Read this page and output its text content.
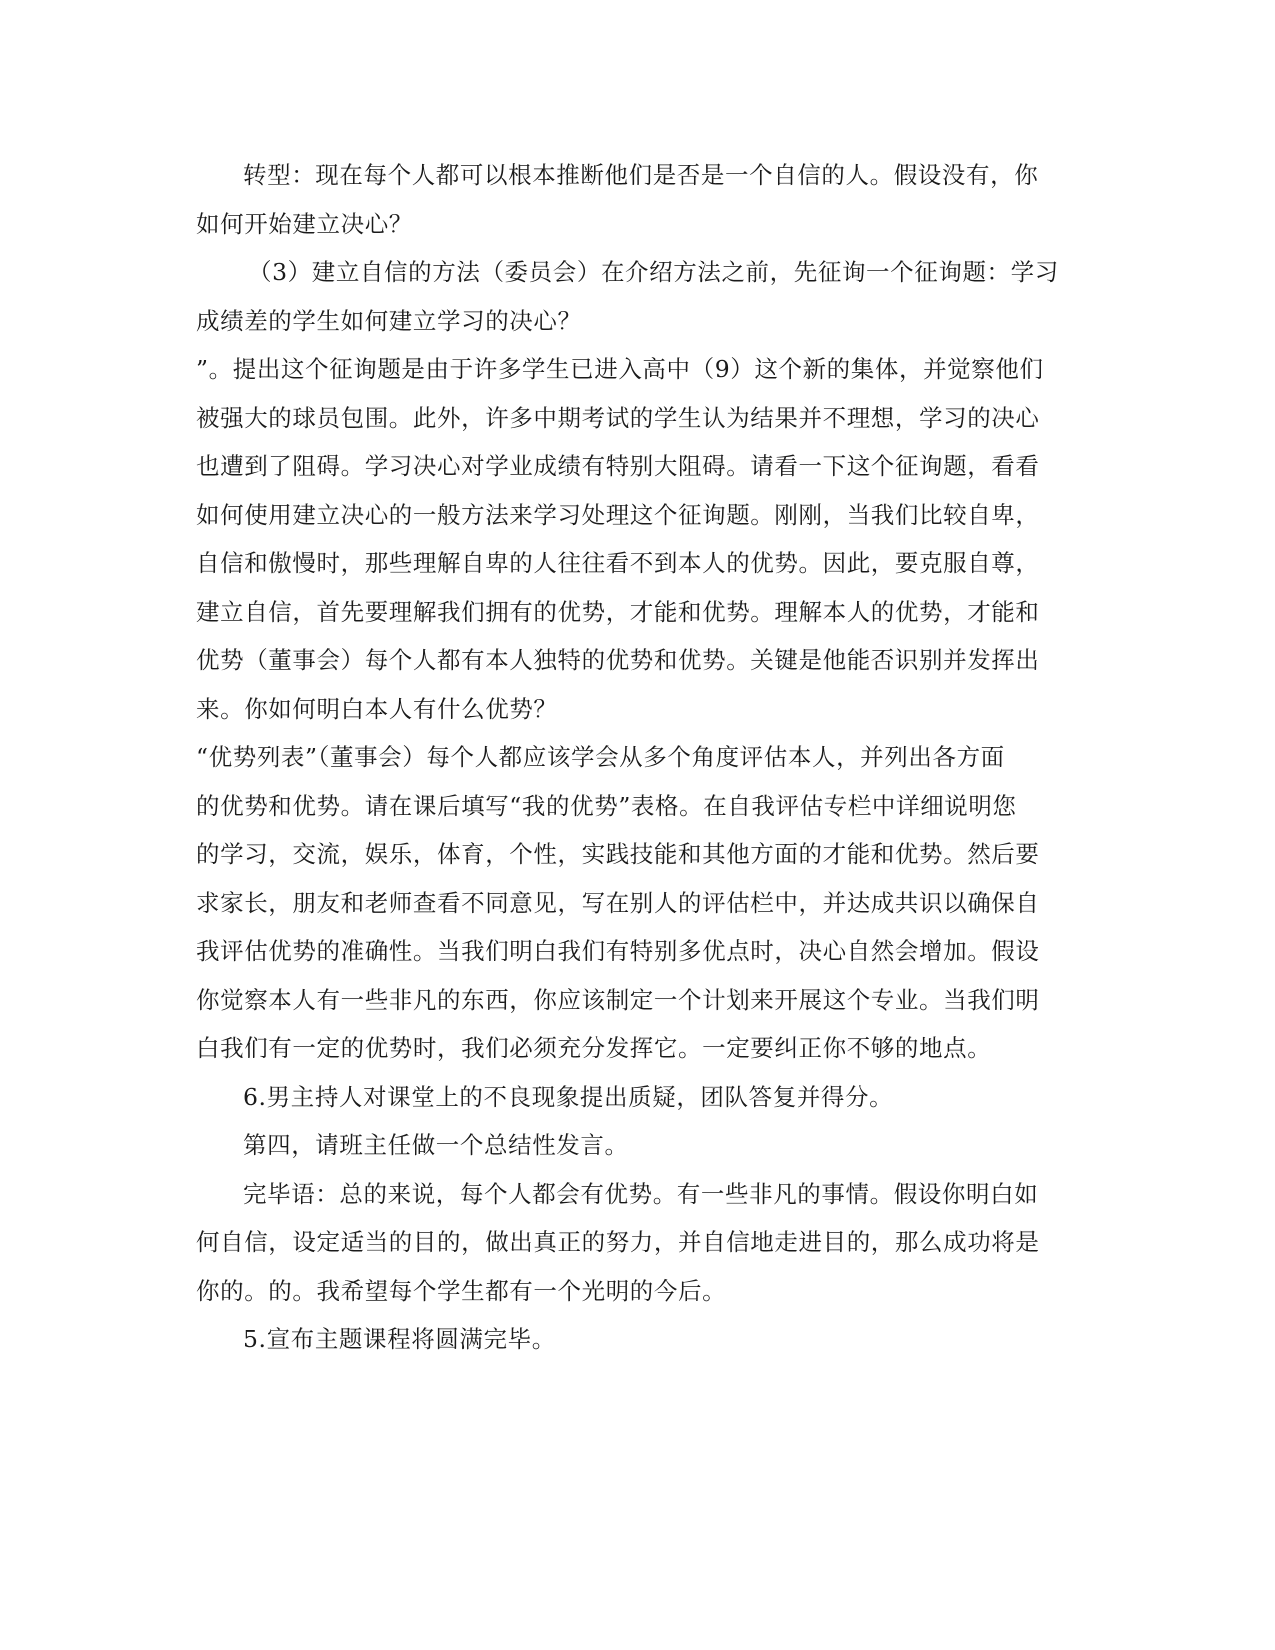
转型：现在每个人都可以根本推断他们是否是一个自信的人。假设没有，你
如何开始建立决心？

（3）建立自信的方法（委员会）在介绍方法之前，先征询一个征询题：学习
成绩差的学生如何建立学习的决心？

”。提出这个征询题是由于许多学生已进入高中（9）这个新的集体，并觉察他们
被强大的球员包围。此外，许多中期考试的学生认为结果并不理想，学习的决心
也遭到了阻碍。学习决心对学业成绩有特别大阻碍。请看一下这个征询题，看看
如何使用建立决心的一般方法来学习处理这个征询题。刚刚，当我们比较自卑，
自信和傲慢时，那些理解自卑的人往往看不到本人的优势。因此，要克服自尊，
建立自信，首先要理解我们拥有的优势，才能和优势。理解本人的优势，才能和
优势（董事会）每个人都有本人独特的优势和优势。关键是他能否识别并发挥出
来。你如何明白本人有什么优势？

“优势列表”（董事会）每个人都应该学会从多个角度评估本人，并列出各方面
的优势和优势。请在课后填写“我的优势”表格。在自我评估专栏中详细说明您
的学习，交流，娱乐，体育，个性，实践技能和其他方面的才能和优势。然后要
求家长，朋友和老师查看不同意见，写在别人的评估栏中，并达成共识以确保自
我评估优势的准确性。当我们明白我们有特别多优点时，决心自然会增加。假设
你觉察本人有一些非凡的东西，你应该制定一个计划来开展这个专业。当我们明
白我们有一定的优势时，我们必须充分发挥它。一定要纠正你不够的地点。

6.男主持人对课堂上的不良现象提出质疑，团队答复并得分。

第四，请班主任做一个总结性发言。

完毕语：总的来说，每个人都会有优势。有一些非凡的事情。假设你明白如
何自信，设定适当的目的，做出真正的努力，并自信地走进目的，那么成功将是
你的。的。我希望每个学生都有一个光明的今后。

5.宣布主题课程将圆满完毕。
